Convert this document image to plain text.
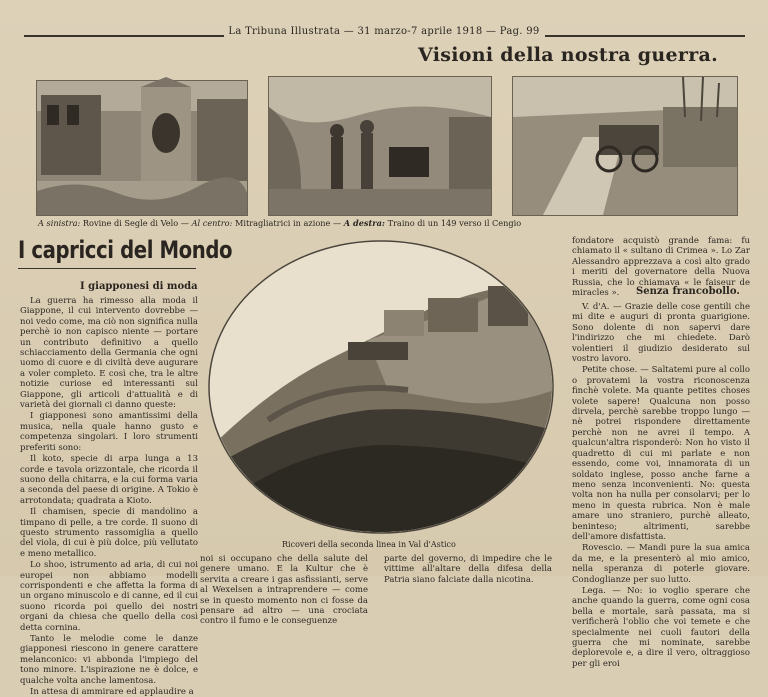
La Tribuna Illustrata — 31 marzo-7 aprile 1918 — Pag. 99
Visioni della nostra guerra.
A sinistra: Rovine di Segle di Velo — Al centro: Mitragliatrici in azione — A destra: Traino di un 149 verso il Cengio
I capricci del Mondo
I giapponesi di moda

La guerra ha rimesso alla moda il Giappone, il cui intervento dovrebbe — noi vedo come, ma ciò non significa nulla perchè io non capisco niente — portare un contributo definitivo a quello schiacciamento della Germania che ogni uomo di cuore e di civiltà deve augurare a voler completo. E così che, tra le altre notizie curiose ed interessanti sul Giappone, gli articoli d'attualità e di varietà dei giornali ci danno queste:

I giapponesi sono amantissimi della musica, nella quale hanno gusto e competenza singolari. I loro strumenti preferiti sono:

Il koto, specie di arpa lunga a 13 corde e tavola orizzontale, che ricorda il suono della chitarra, e la cui forma varia a seconda del paese di origine. A Tokio è arrotondata; quadrata a Kioto.

Il chamisen, specie di mandolino a timpano di pelle, a tre corde. Il suono di questo strumento rassomiglia a quello del viola, di cui è più dolce, più vellutato e meno metallico.

Lo shoo, istrumento ad aria, di cui noi europei non abbiamo modelli corrispondenti e che affetta la forma di un organo minuscolo e di canne, ed il cui suono ricorda poi quello dei nostri organi da chiesa che quello della così detta cornina.

Tanto le melodie come le danze giapponesi riescono in genere carattere melanconico: vi abbonda l'impiego del tono minore. L'ispirazione ne è dolce, e qualche volta anche lamentosa.

In attesa di ammirare ed applaudire a

Ricoveri della seconda linea in Val d'Astico
noi si occupano che della salute del genere umano. E la Kultur che è servita a creare i gas asfissianti, serve al Wexelsen a intraprendere — come se in questo momento non ci fosse da pensare ad altro — una crociata contro il fumo e le conseguenze
parte del governo, di impedire che le vittime all'altare della difesa della Patria siano falciate dalla nicotina.
fondatore acquistò grande fama: fu chiamato il « sultano di Crimea ». Lo Zar Alessandro apprezzava a così alto grado i meriti del governatore della Nuova Russia, che lo chiamava « le faiseur de miracles ».	Senza francobollo.

V. d'A. — Grazie delle cose gentili che mi dite e auguri di pronta guarigione. Sono dolente di non sapervi dare l'indirizzo che mi chiedete. Darò volentieri il giudizio desiderato sul vostro lavoro.

Petite chose. — Saltatemi pure al collo o provatemi la vostra riconoscenza finchè volete. Ma quante petites choses volete sapere! Qualcuna non posso dirvela, perchè sarebbe troppo lungo — nè potrei rispondere direttamente perchè non ne avrei il tempo. A qualcun'altra risponderò: Non ho visto il quadretto di cui mi parlate e non essendo, come voi, innamorata di un soldato inglese, posso anche farne a meno senza inconvenienti. No: questa volta non ha nulla per consolarvi; per lo meno in questa rubrica. Non è male amare uno straniero, purchè alleato, beninteso; altrimenti, sarebbe dell'amore disfattista.

Rovescio. — Mandi pure la sua amica da me, e la presenterò al mio amico, nella speranza di poterle giovare. Condoglianze per suo lutto.

Lega. — No: io voglio sperare che anche quando la guerra, come ogni cosa bella e mortale, sarà passata, ma si verificherà l'oblio che voi temete e che specialmente nei cuoli fautori della guerra che mi nominate, sarebbe deplorevole e, a dire il vero, oltraggioso per gli eroi
